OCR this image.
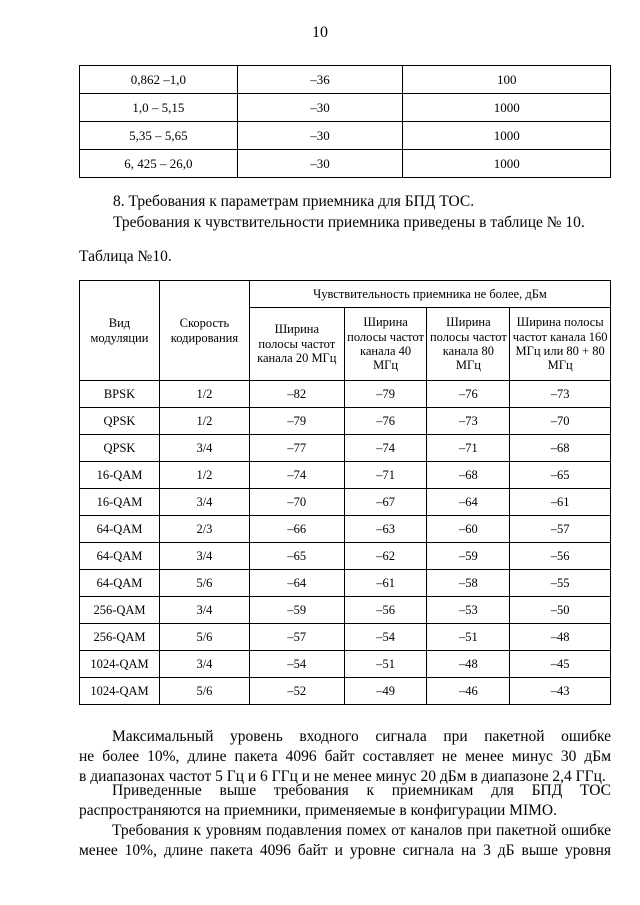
10
0,862 –1,0	–36	100
1,0 – 5,15	–30	1000
5,35 – 5,65	–30	1000
6, 425 – 26,0	–30	1000
8. Требования к параметрам приемника для БПД ТОС.
Требования к чувствительности приемника приведены в таблице № 10.
Таблица №10.
Вид модуляции	Скорость кодирования	Чувствительность приемника не более, дБм			
		Ширина полосы частот канала 20 МГц	Ширина полосы частот канала 40 МГц	Ширина полосы частот канала 80 МГц	Ширина полосы частот канала 160 МГц или 80 + 80 МГц
BPSK	1/2	–82	–79	–76	–73
QPSK	1/2	–79	–76	–73	–70
QPSK	3/4	–77	–74	–71	–68
16-QAM	1/2	–74	–71	–68	–65
16-QAM	3/4	–70	–67	–64	–61
64-QAM	2/3	–66	–63	–60	–57
64-QAM	3/4	–65	–62	–59	–56
64-QAM	5/6	–64	–61	–58	–55
256-QAM	3/4	–59	–56	–53	–50
256-QAM	5/6	–57	–54	–51	–48
1024-QAM	3/4	–54	–51	–48	–45
1024-QAM	5/6	–52	–49	–46	–43
Максимальный уровень входного сигнала при пакетной ошибке
не более 10%, длине пакета 4096 байт составляет не менее минус 30 дБм
в диапазонах частот 5 Гц и 6 ГГц и не менее минус 20 дБм в диапазоне 2,4 ГГц.
Приведенные выше требования к приемникам для БПД ТОС
распространяются на приемники, применяемые в конфигурации MIMO.
Требования к уровням подавления помех от каналов при пакетной ошибке
менее 10%, длине пакета 4096 байт и уровне сигнала на 3 дБ выше уровня
